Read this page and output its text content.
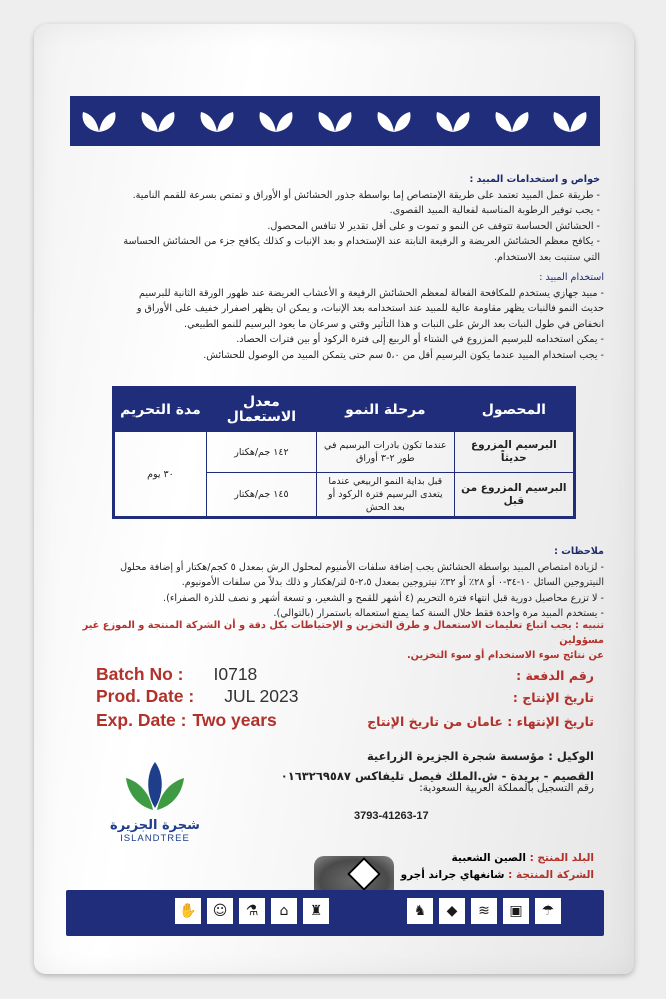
خواص و استخدامات المبيد :
- طريقة عمل المبيد تعتمد على طريقة الإمتصاص إما بواسطة جذور الحشائش أو الأوراق و تمتص بسرعة للقمم النامية.
- يجب توفير الرطوبة المناسبة لفعالية المبيد القصوى.
- الحشائش الحساسة تتوقف عن النمو و تموت و على أقل تقدير لا تنافس المحصول.
- يكافح معظم الحشائش العريضة و الرفيعة النابتة عند الإستخدام و بعد الإنبات و كذلك يكافح جزء من الحشائش الحساسة
التي ستنبت بعد الاستخدام.
استخدام المبيد :
- مبيد جهازي يستخدم للمكافحة الفعالة لمعظم الحشائش الرفيعة و الأعشاب العريضة عند ظهور الورقة الثانية للبرسيم
حديث النمو فالنبات يظهر مقاومة عالية للمبيد عند استخدامه بعد الإنبات، و يمكن ان يظهر اصفرار خفيف على الأوراق و
انخفاض في طول النبات بعد الرش على النبات و هذا التأثير وقتي و سرعان ما يعود البرسيم للنمو الطبيعي.
- يمكن استخدامه للبرسيم المزروع في الشتاء أو الربيع إلى فترة الركود أو بين فترات الحصاد.
- يجب استخدام المبيد عندما يكون البرسيم أقل من ٥،٠ سم حتى يتمكن المبيد من الوصول للحشائش.
المحصول	مرحلة النمو	معدل الاستعمال	مدة التحريم
البرسيم المزروع حديثاً	عندما تكون بادرات البرسيم في طور ٢-٣ أوراق	١٤٢ جم/هكتار	٣٠ يوم
البرسيم المزروع من قبل	قبل بداية النمو الربيعي عندما يتعدى البرسيم فترة الركود أو بعد الحش	١٤٥ جم/هكتار	
ملاحظات :
- لزيادة امتصاص المبيد بواسطة الحشائش يجب إضافة سلفات الأمنيوم لمحلول الرش بمعدل ٥ كجم/هكتار أو إضافة محلول
النيتروجين السائل ١٠-٣٤-٠ أو ٢٨٪ أو ٣٢٪ نيتروجين بمعدل ٢،٥-٥ لتر/هكتار و ذلك بدلاً من سلفات الأمونيوم.
- لا تزرع محاصيل دورية قبل انتهاء فترة التحريم (٤ أشهر للقمح و الشعير، و تسعة أشهر و نصف للذرة الصفراء).
- يستخدم المبيد مرة واحدة فقط خلال السنة كما يمنع استعماله باستمرار (بالتوالي).
تنبيه : يجب اتباع تعليمات الاستعمال و طرق التخزين و الإحتياطات بكل دقة و أن الشركة المنتجة و الموزع غير مسؤولين
عن نتائج سوء الاستخدام أو سوء التخزين.
Batch No : I0718
Prod. Date : JUL 2023
Exp. Date : Two years
رقم الدفعة :
تاريخ الإنتاج :
تاريخ الإنتهاء : عامان من تاريخ الإنتاج
الوكيل : مؤسسة شجرة الجزيرة الزراعية
القصيم - بريدة - ش.الملك فيصل تليفاكس ٠١٦٣٢٦٩٥٨٧
رقم التسجيل بالمملكة العربية السعودية:
3793-41263-17
شجرة الجزيرة
ISLANDTREE
البلد المنتج : الصين الشعبية
الشركة المنتجة : شانغهاي جراند أجرو
✋	☺	⚗	⌂	♜	♞	◆	≋	▣	☂
